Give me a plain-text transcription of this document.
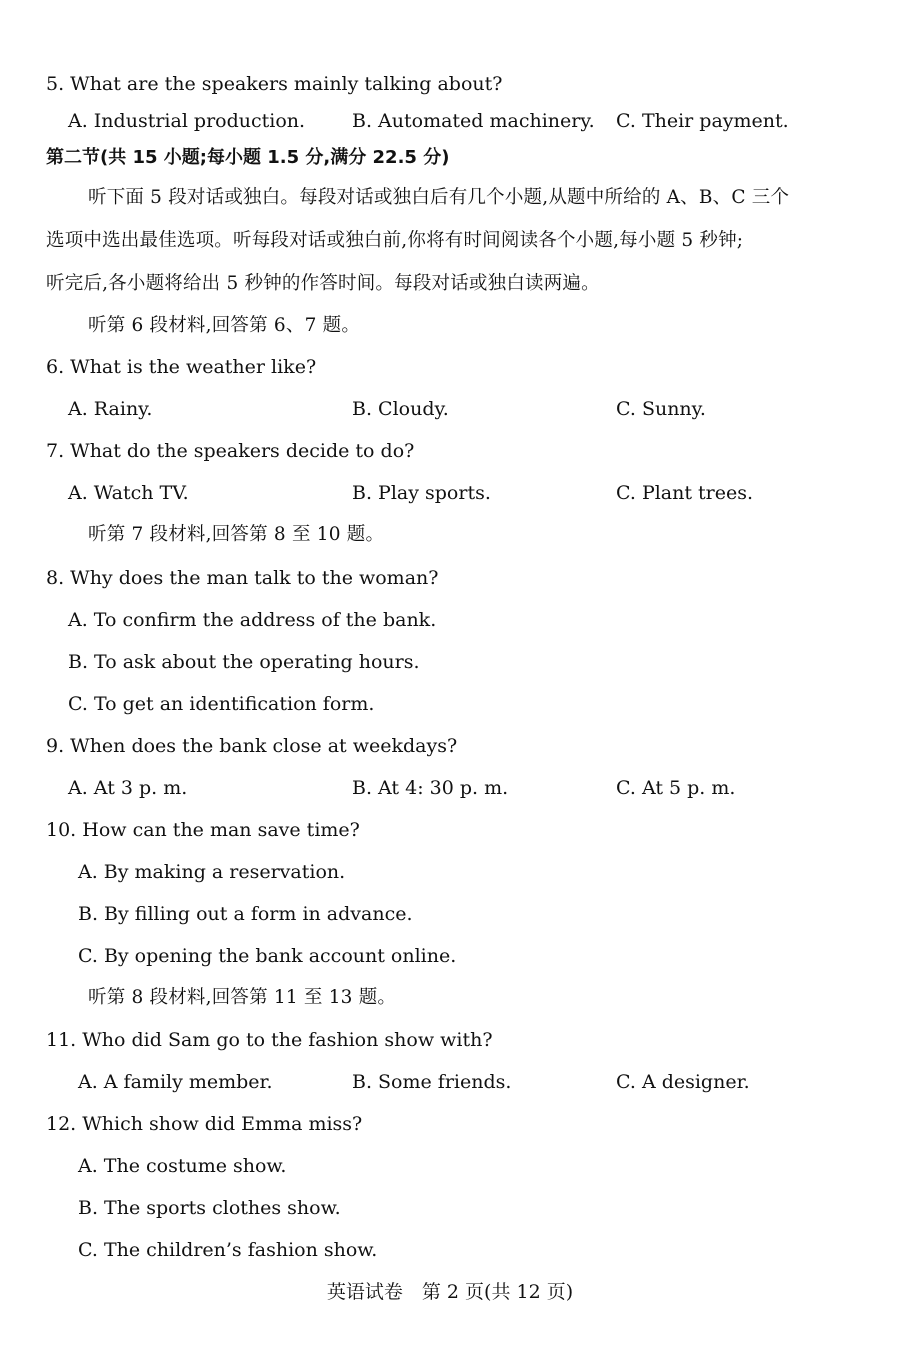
5. What are the speakers mainly talking about?
A. Industrial production. B. Automated machinery. C. Their payment.
第二节(共 15 小题;每小题 1.5 分,满分 22.5 分)
听下面 5 段对话或独白。每段对话或独白后有几个小题,从题中所给的 A、B、C 三个
选项中选出最佳选项。听每段对话或独白前,你将有时间阅读各个小题,每小题 5 秒钟;
听完后,各小题将给出 5 秒钟的作答时间。每段对话或独白读两遍。
听第 6 段材料,回答第 6、7 题。
6. What is the weather like?
A. Rainy.	B. Cloudy.	C. Sunny.
7. What do the speakers decide to do?
A. Watch TV.	B. Play sports.	C. Plant trees.
听第 7 段材料,回答第 8 至 10 题。
8. Why does the man talk to the woman?
A. To confirm the address of the bank.
B. To ask about the operating hours.
C. To get an identification form.
9. When does the bank close at weekdays?
A. At 3 p. m.	B. At 4: 30 p. m.	C. At 5 p. m.
10. How can the man save time?
A. By making a reservation.
B. By filling out a form in advance.
C. By opening the bank account online.
听第 8 段材料,回答第 11 至 13 题。
11. Who did Sam go to the fashion show with?
A. A family member.	B. Some friends.	C. A designer.
12. Which show did Emma miss?
A. The costume show.
B. The sports clothes show.
C. The children’s fashion show.
英语试卷　第 2 页(共 12 页)
